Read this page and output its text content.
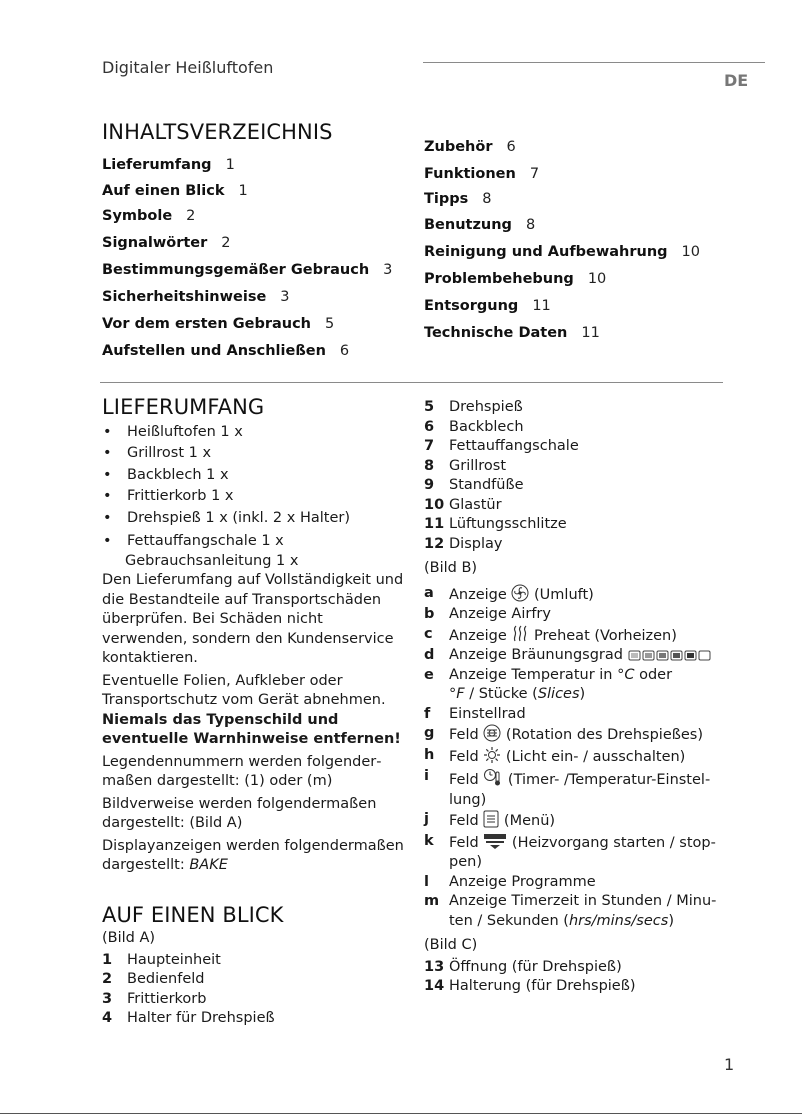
Digitaler Heißluftofen
DE
INHALTSVERZEICHNIS
Lieferumfang 1
Auf einen Blick 1
Symbole 2
Signalwörter 2
Bestimmungsgemäßer Gebrauch 3
Sicherheitshinweise 3
Vor dem ersten Gebrauch 5
Aufstellen und Anschließen 6
Zubehör 6
Funktionen 7
Tipps 8
Benutzung 8
Reinigung und Aufbewahrung 10
Problembehebung 10
Entsorgung 11
Technische Daten 11
LIEFERUMFANG
• Heißluftofen 1 x
• Grillrost 1 x
• Backblech 1 x
• Frittierkorb 1 x
• Drehspieß 1 x (inkl. 2 x Halter)
• Fettauffangschale 1 x
Gebrauchsanleitung 1 x

Den Lieferumfang auf Vollständigkeit und die Bestandteile auf Transportschäden überprüfen. Bei Schäden nicht verwenden, sondern den Kundenservice kontaktieren.

Eventuelle Folien, Aufkleber oder Transportschutz vom Gerät abnehmen.

Niemals das Typenschild und eventuelle Warnhinweise entfernen!

Legendennummern werden folgendermaßen dargestellt: (1) oder (m)

Bildverweise werden folgendermaßen dargestellt: (Bild A)

Displayanzeigen werden folgendermaßen dargestellt: BAKE

AUF EINEN BLICK
(Bild A)
1	Haupteinheit
2	Bedienfeld
3	Frittierkorb
4	Halter für Drehspieß
5	Drehspieß
6	Backblech
7	Fettauffangschale
8	Grillrost
9	Standfüße
10 Glastür
11 Lüftungsschlitze
12 Display
(Bild B)
a	Anzeige  (Umluft)
b	Anzeige Airfry
c	Anzeige  Preheat (Vorheizen)
d	Anzeige Bräunungsgrad
e	Anzeige Temperatur in °C oder
°F / Stücke (Slices)
f	Einstellrad
g	Feld  (Rotation des Drehspießes)
h	Feld  (Licht ein- / ausschalten)
i	Feld  (Timer- /Temperatur-Einstellung)
j	Feld  (Menü)
k	Feld  (Heizvorgang starten / stoppen)
l	Anzeige Programme
m Anzeige Timerzeit in Stunden / Minuten / Sekunden (hrs/mins/secs)
(Bild C)
13 Öffnung (für Drehspieß)
14 Halterung (für Drehspieß)
1
